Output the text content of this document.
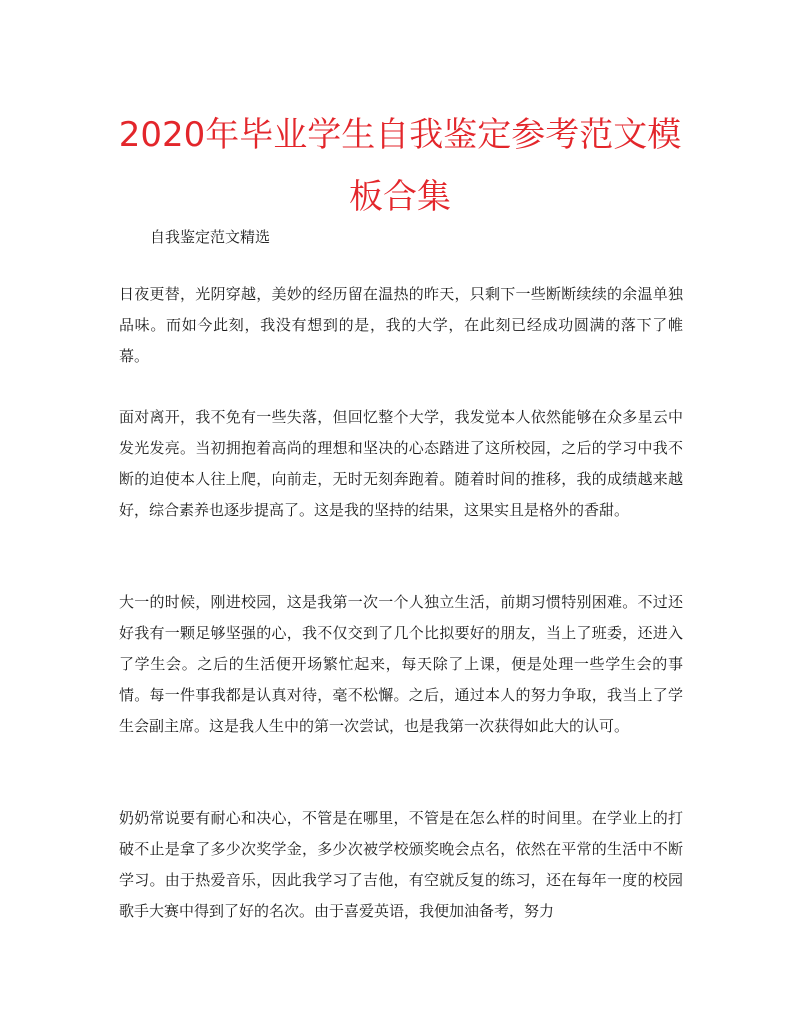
2020年毕业学生自我鉴定参考范文模板合集

自我鉴定范文精选

日夜更替，光阴穿越，美妙的经历留在温热的昨天，只剩下一些断断续续的余温单独品味。而如今此刻，我没有想到的是，我的大学，在此刻已经成功圆满的落下了帷幕。

面对离开，我不免有一些失落，但回忆整个大学，我发觉本人依然能够在众多星云中发光发亮。当初拥抱着高尚的理想和坚决的心态踏进了这所校园，之后的学习中我不断的迫使本人往上爬，向前走，无时无刻奔跑着。随着时间的推移，我的成绩越来越好，综合素养也逐步提高了。这是我的坚持的结果，这果实且是格外的香甜。

大一的时候，刚进校园，这是我第一次一个人独立生活，前期习惯特别困难。不过还好我有一颗足够坚强的心，我不仅交到了几个比拟要好的朋友，当上了班委，还进入了学生会。之后的生活便开场繁忙起来，每天除了上课，便是处理一些学生会的事情。每一件事我都是认真对待，毫不松懈。之后，通过本人的努力争取，我当上了学生会副主席。这是我人生中的第一次尝试，也是我第一次获得如此大的认可。

奶奶常说要有耐心和决心，不管是在哪里，不管是在怎么样的时间里。在学业上的打破不止是拿了多少次奖学金，多少次被学校颁奖晚会点名，依然在平常的生活中不断学习。由于热爱音乐，因此我学习了吉他，有空就反复的练习，还在每年一度的校园歌手大赛中得到了好的名次。由于喜爱英语，我便加油备考，努力
